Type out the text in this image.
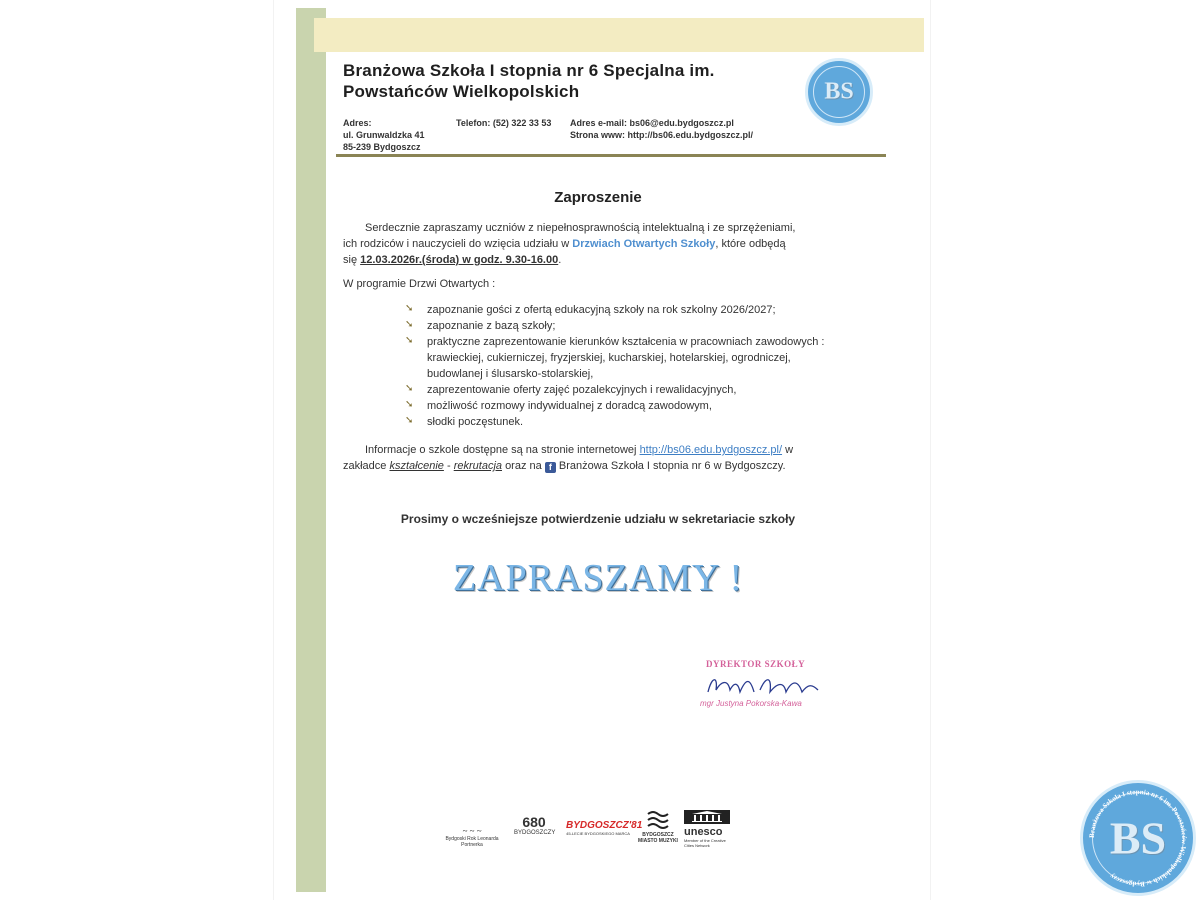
Branżowa Szkoła I stopnia nr 6 Specjalna im. Powstańców Wielkopolskich
Adres:
ul. Grunwaldzka 41
85-239 Bydgoszcz
Telefon: (52) 322 33 53 Adres e-mail: bs06@edu.bydgoszcz.pl
Strona www: http://bs06.edu.bydgoszcz.pl/
BS
Zaproszenie
Serdecznie zapraszamy uczniów z niepełnosprawnością intelektualną i ze sprzężeniami,
ich rodziców i nauczycieli do wzięcia udziału w Drzwiach Otwartych Szkoły, które odbędą
się 12.03.2026r.(środa) w godz. 9.30-16.00.
W programie Drzwi Otwartych :
➘ zapoznanie gości z ofertą edukacyjną szkoły na rok szkolny 2026/2027;
➘ zapoznanie z bazą szkoły;
➘ praktyczne zaprezentowanie kierunków kształcenia w pracowniach zawodowych : krawieckiej, cukierniczej, fryzjerskiej, kucharskiej, hotelarskiej, ogrodniczej, budowlanej i ślusarsko-stolarskiej,
➘ zaprezentowanie oferty zajęć pozalekcyjnych i rewalidacyjnych,
➘ możliwość rozmowy indywidualnej z doradcą zawodowym,
➘ słodki poczęstunek.
Informacje o szkole dostępne są na stronie internetowej http://bs06.edu.bydgoszcz.pl/ w
zakładce kształcenie - rekrutacja oraz na f Branżowa Szkoła I stopnia nr 6 w Bydgoszczy.
Prosimy o wcześniejsze potwierdzenie udziału w sekretariacie szkoły
ZAPRASZAMY !
DYREKTOR SZKOŁY
mgr Justyna Pokorska-Kawa
~ ~ ~
Bydgoski Rok Leonarda Portnerka
680
BYDGOSZCZY
BYDGOSZCZ'81
45-LECIE BYDGOSKIEGO MARCA	BYDGOSZCZ MIASTO MUZYKI
unesco
Member of the Creative Cities Network
Branżowa Szkoła I stopnia nr 6 im. Powstańców Wielkopolskich w Bydgoszczy
BS
